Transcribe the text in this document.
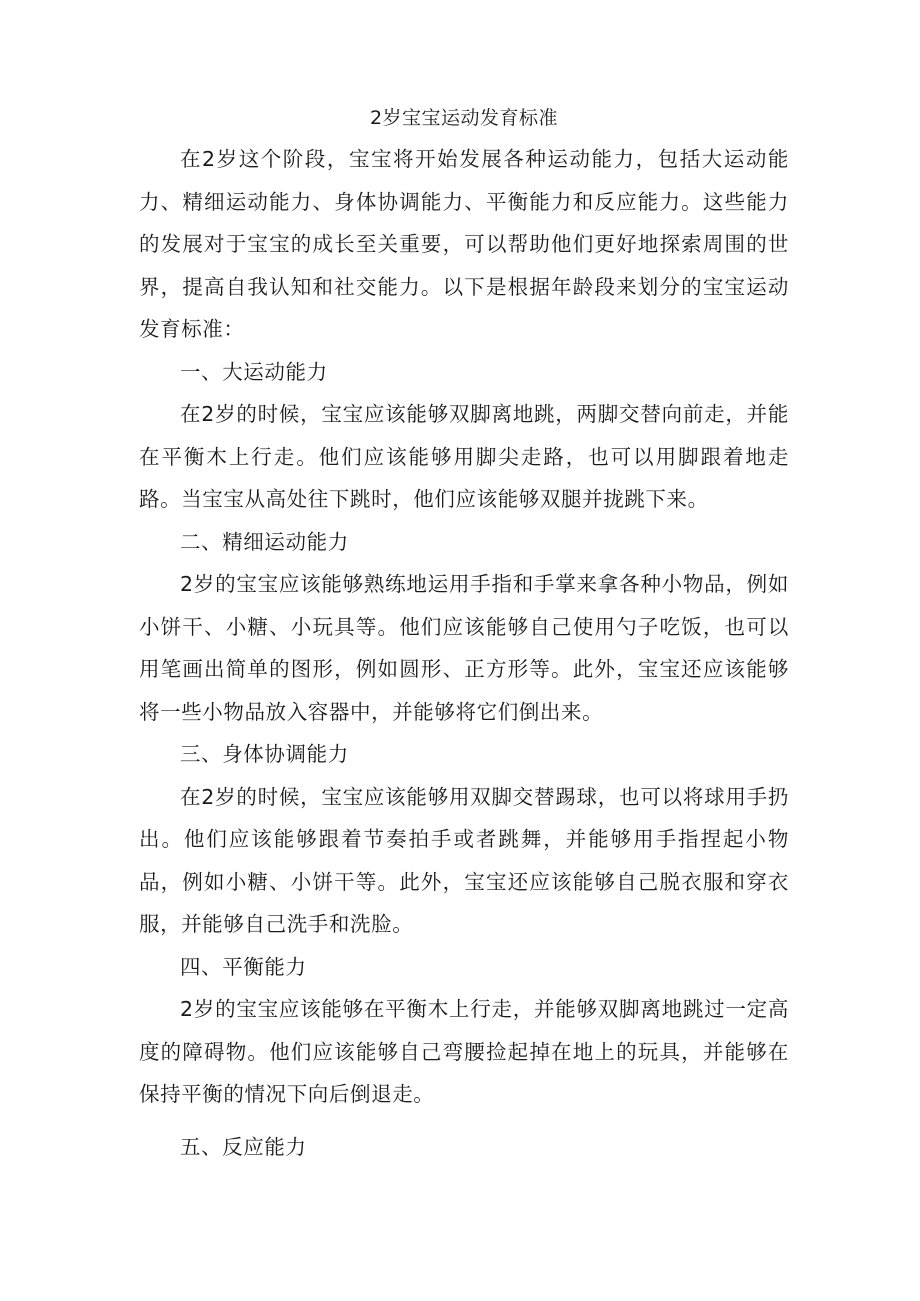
2岁宝宝运动发育标准

在2岁这个阶段，宝宝将开始发展各种运动能力，包括大运动能力、精细运动能力、身体协调能力、平衡能力和反应能力。这些能力的发展对于宝宝的成长至关重要，可以帮助他们更好地探索周围的世界，提高自我认知和社交能力。以下是根据年龄段来划分的宝宝运动发育标准：

一、大运动能力

在2岁的时候，宝宝应该能够双脚离地跳，两脚交替向前走，并能在平衡木上行走。他们应该能够用脚尖走路，也可以用脚跟着地走路。当宝宝从高处往下跳时，他们应该能够双腿并拢跳下来。

二、精细运动能力

2岁的宝宝应该能够熟练地运用手指和手掌来拿各种小物品，例如小饼干、小糖、小玩具等。他们应该能够自己使用勺子吃饭，也可以用笔画出简单的图形，例如圆形、正方形等。此外，宝宝还应该能够将一些小物品放入容器中，并能够将它们倒出来。

三、身体协调能力

在2岁的时候，宝宝应该能够用双脚交替踢球，也可以将球用手扔出。他们应该能够跟着节奏拍手或者跳舞，并能够用手指捏起小物品，例如小糖、小饼干等。此外，宝宝还应该能够自己脱衣服和穿衣服，并能够自己洗手和洗脸。

四、平衡能力

2岁的宝宝应该能够在平衡木上行走，并能够双脚离地跳过一定高度的障碍物。他们应该能够自己弯腰捡起掉在地上的玩具，并能够在保持平衡的情况下向后倒退走。

五、反应能力
